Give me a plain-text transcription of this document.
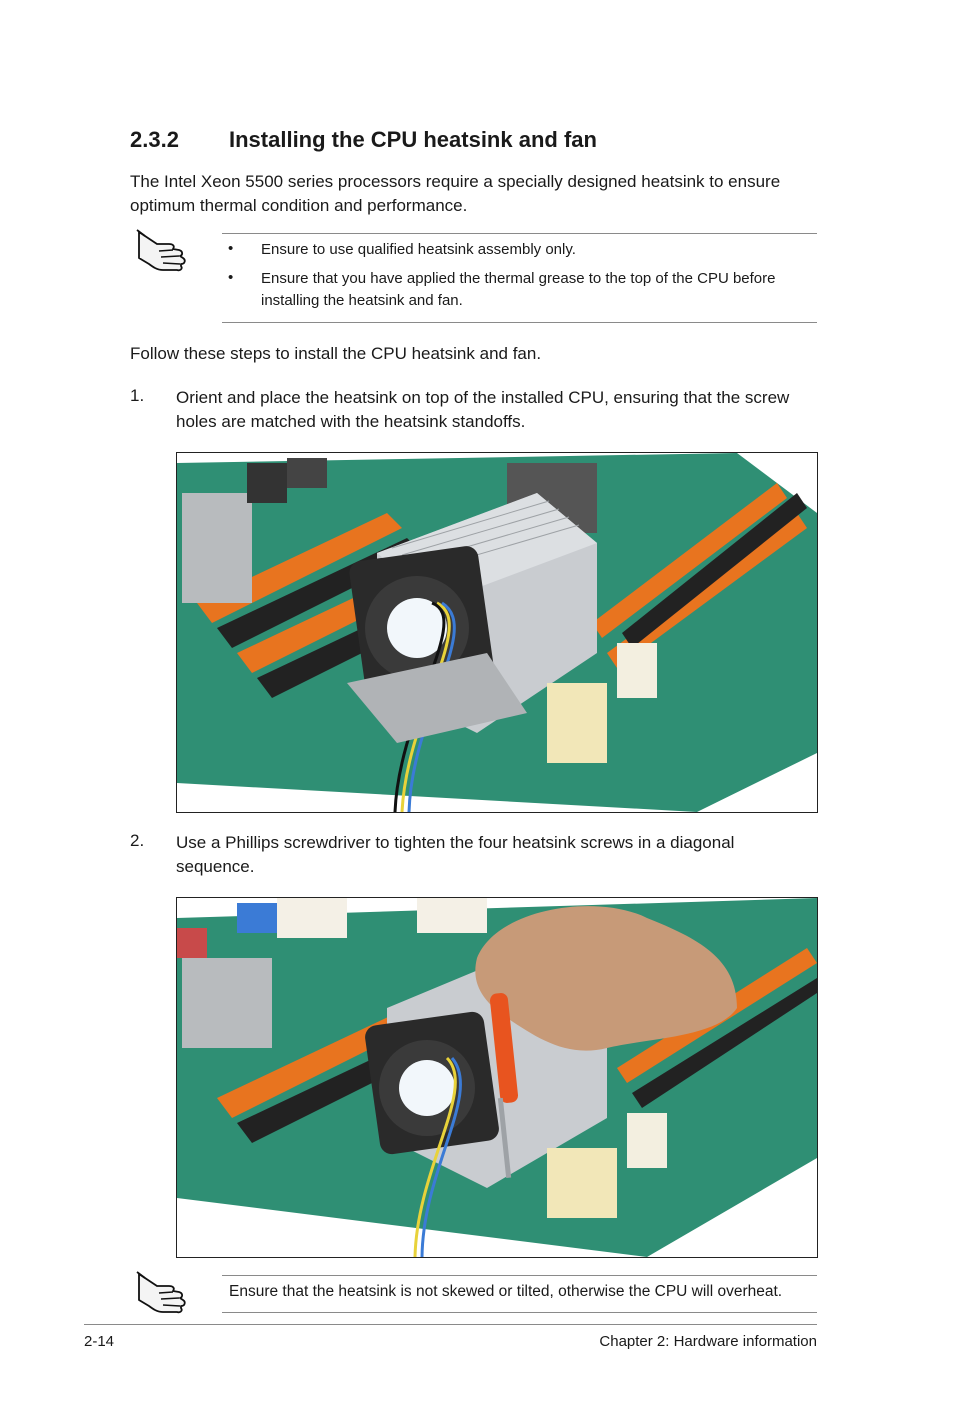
2.3.2 Installing the CPU heatsink and fan
The Intel Xeon 5500 series processors require a specially designed heatsink to ensure optimum thermal condition and performance.
• Ensure to use qualified heatsink assembly only.
• Ensure that you have applied the thermal grease to the top of the CPU before installing the heatsink and fan.
Follow these steps to install the CPU heatsink and fan.
1. Orient and place the heatsink on top of the installed CPU, ensuring that the screw holes are matched with the heatsink standoffs.
2. Use a Phillips screwdriver to tighten the four heatsink screws in a diagonal sequence.
Ensure that the heatsink is not skewed or tilted, otherwise the CPU will overheat.
2-14	Chapter 2: Hardware information
